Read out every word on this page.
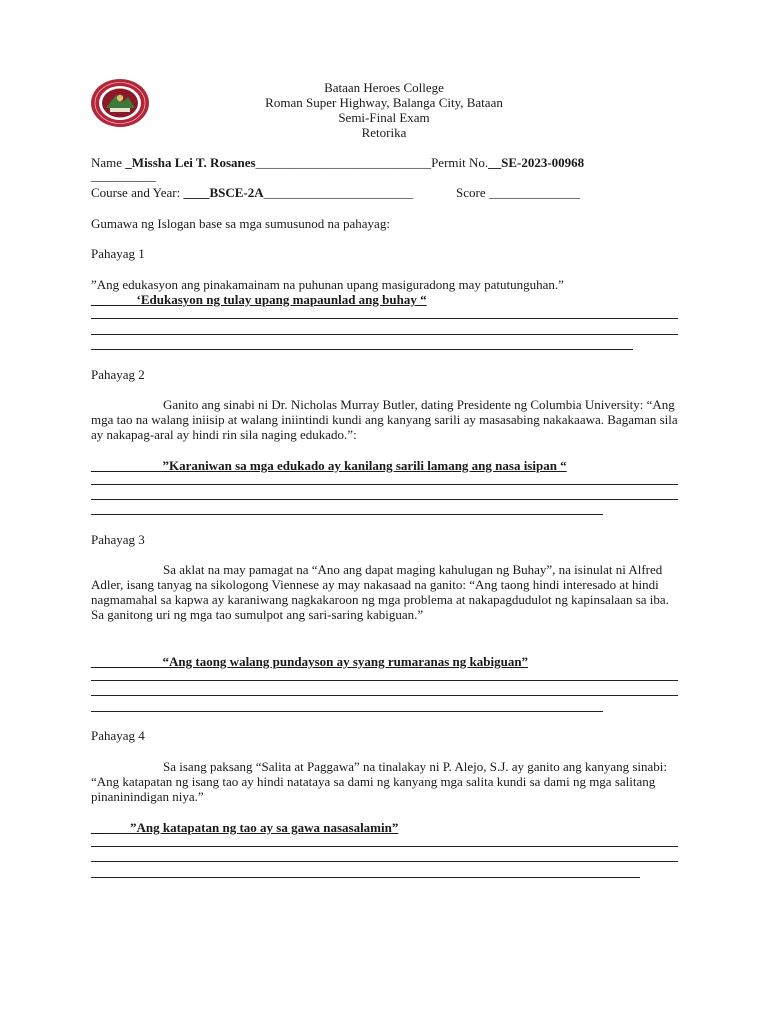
Bataan Heroes College
Roman Super Highway, Balanga City, Bataan
Semi-Final Exam
Retorika
Name _Missha Lei T. Rosanes___________________________Permit No.__SE-2023-00968
__________
Course and Year: ____BSCE-2A_______________________	Score ______________
Gumawa ng Islogan base sa mga sumusunod na pahayag:
Pahayag 1
”Ang edukasyon ang pinakamainam na puhunan upang masiguradong may patutunguhan.”
_______‘Edukasyon ng tulay upang mapaunlad ang buhay “
Pahayag 2
Ganito ang sinabi ni Dr. Nicholas Murray Butler, dating Presidente ng Columbia University: “Ang mga tao na walang iniisip at walang iniintindi kundi ang kanyang sarili ay masasabing nakakaawa. Bagaman sila ay nakapag-aral ay hindi rin sila naging edukado.”:
___________”Karaniwan sa mga edukado ay kanilang sarili lamang ang nasa isipan “
Pahayag 3
Sa aklat na may pamagat na “Ano ang dapat maging kahulugan ng Buhay”, na isinulat ni Alfred Adler, isang tanyag na sikologong Viennese ay may nakasaad na ganito: “Ang taong hindi interesado at hindi nagmamahal sa kapwa ay karaniwang nagkakaroon ng mga problema at nakapagdudulot ng kapinsalaan sa iba. Sa ganitong uri ng mga tao sumulpot ang sari-saring kabiguan.”
___________“Ang taong walang pundayson ay syang rumaranas ng kabiguan”
Pahayag 4
Sa isang paksang “Salita at Paggawa” na tinalakay ni P. Alejo, S.J. ay ganito ang kanyang sinabi: “Ang katapatan ng isang tao ay hindi natataya sa dami ng kanyang mga salita kundi sa dami ng mga salitang pinaninindigan niya.”
______”Ang katapatan ng tao ay sa gawa nasasalamin”
